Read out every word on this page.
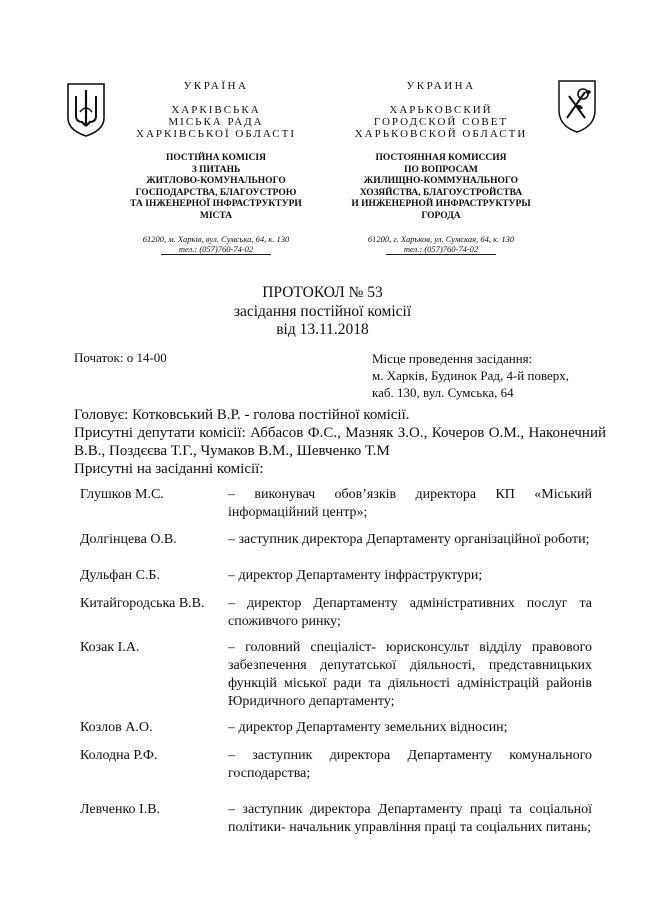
УКРАЇНА
ХАРКІВСЬКА
МІСЬКА РАДА
ХАРКІВСЬКОЇ ОБЛАСТІ
ПОСТІЙНА КОМІСІЯ
З ПИТАНЬ
ЖИТЛОВО-КОМУНАЛЬНОГО
ГОСПОДАРСТВА, БЛАГОУСТРОЮ
ТА ІНЖЕНЕРНОЇ ІНФРАСТРУКТУРИ
МІСТА
61200, м. Харків, вул. Сумська, 64, к. 130
тел.: (057)760-74-02
УКРАИНА
ХАРЬКОВСКИЙ
ГОРОДСКОЙ СОВЕТ
ХАРЬКОВСКОЙ ОБЛАСТИ
ПОСТОЯННАЯ КОМИССИЯ
ПО ВОПРОСАМ
ЖИЛИЩНО-КОММУНАЛЬНОГО
ХОЗЯЙСТВА, БЛАГОУСТРОЙСТВА
И ИНЖЕНЕРНОЙ ИНФРАСТРУКТУРЫ
ГОРОДА
61200, г. Харьков, ул. Сумская, 64, к. 130
тел.: (057)760-74-02
ПРОТОКОЛ № 53
засідання постійної комісії
від 13.11.2018
Початок: о 14-00	Місце проведення засідання:
м. Харків, Будинок Рад, 4-й поверх,
каб. 130, вул. Сумська, 64

Головує: Котковський В.Р. - голова постійної комісії.

Присутні депутати комісії: Аббасов Ф.С., Мазняк З.О., Кочеров О.М., Наконечний В.В., Поздєєва Т.Г., Чумаков В.М., Шевченко Т.М

Присутні на засіданні комісії:

Глушков М.С.	– виконувач обов’язків директора КП «Міський інформаційний центр»;
Долгінцева О.В.	– заступник директора Департаменту організаційної роботи;
Дульфан С.Б.	– директор Департаменту інфраструктури;
Китайгородська В.В.	– директор Департаменту адміністративних послуг та споживчого ринку;
Козак І.А.	– головний спеціаліст- юрисконсульт відділу правового забезпечення депутатської діяльності, представницьких функцій міської ради та діяльності адміністрацій районів Юридичного департаменту;
Козлов А.О.	– директор Департаменту земельних відносин;
Колодна Р.Ф.	– заступник директора Департаменту комунального господарства;
Левченко І.В.	– заступник директора Департаменту праці та соціальної політики- начальник управління праці та соціальних питань;
